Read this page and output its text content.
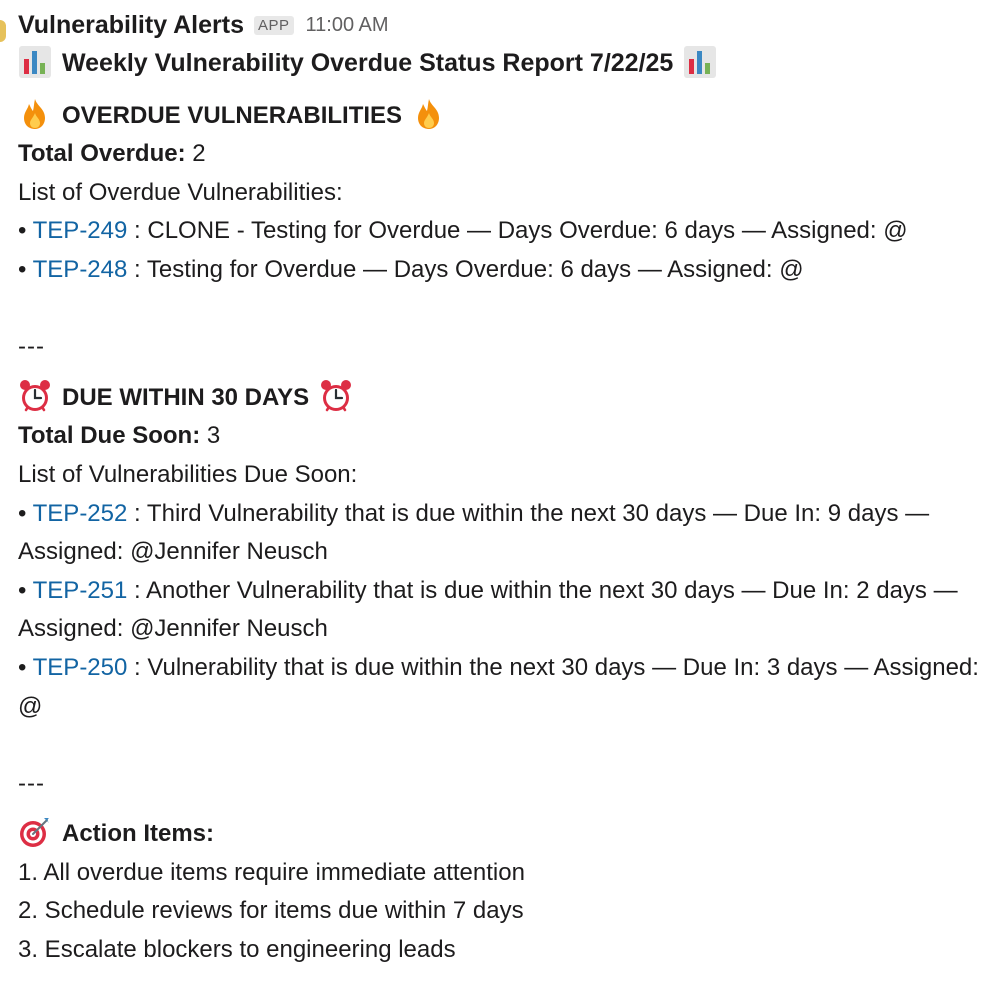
Vulnerability Alerts APP 11:00 AM
Weekly Vulnerability Overdue Status Report 7/22/25
OVERDUE VULNERABILITIES
Total Overdue: 2
List of Overdue Vulnerabilities:
• TEP-249 : CLONE - Testing for Overdue — Days Overdue: 6 days — Assigned: @
• TEP-248 : Testing for Overdue — Days Overdue: 6 days — Assigned: @
---
DUE WITHIN 30 DAYS
Total Due Soon: 3
List of Vulnerabilities Due Soon:
• TEP-252 : Third Vulnerability that is due within the next 30 days — Due In: 9 days — Assigned: @Jennifer Neusch
• TEP-251 : Another Vulnerability that is due within the next 30 days — Due In: 2 days — Assigned: @Jennifer Neusch
• TEP-250 : Vulnerability that is due within the next 30 days — Due In: 3 days — Assigned: @
---
Action Items:
1. All overdue items require immediate attention
2. Schedule reviews for items due within 7 days
3. Escalate blockers to engineering leads
